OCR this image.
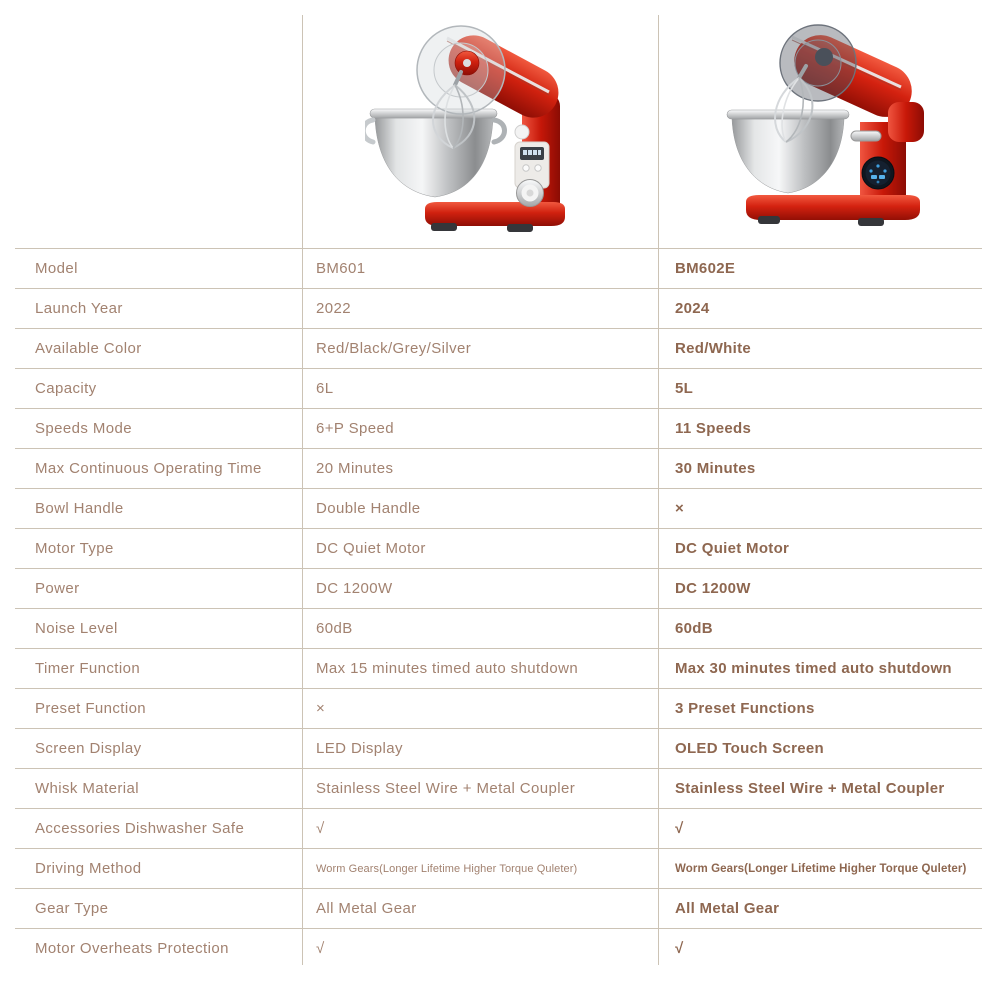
Model	BM601	BM602E
Launch Year	2022	2024
Available Color	Red/Black/Grey/Silver	Red/White
Capacity	6L	5L
Speeds Mode	6+P Speed	11 Speeds
Max Continuous Operating Time	20 Minutes	30 Minutes
Bowl Handle	Double Handle	×
Motor Type	DC Quiet Motor	DC Quiet Motor
Power	DC 1200W	DC 1200W
Noise Level	60dB	60dB
Timer Function	Max 15 minutes timed auto shutdown	Max 30 minutes timed auto shutdown
Preset Function	×	3 Preset Functions
Screen Display	LED Display	OLED Touch Screen
Whisk Material	Stainless Steel Wire + Metal Coupler	Stainless Steel Wire + Metal Coupler
Accessories Dishwasher Safe	√	√
Driving Method	Worm Gears(Longer Lifetime Higher Torque Quleter)	Worm Gears(Longer Lifetime Higher Torque Quleter)
Gear Type	All Metal Gear	All Metal Gear
Motor Overheats Protection	√	√
